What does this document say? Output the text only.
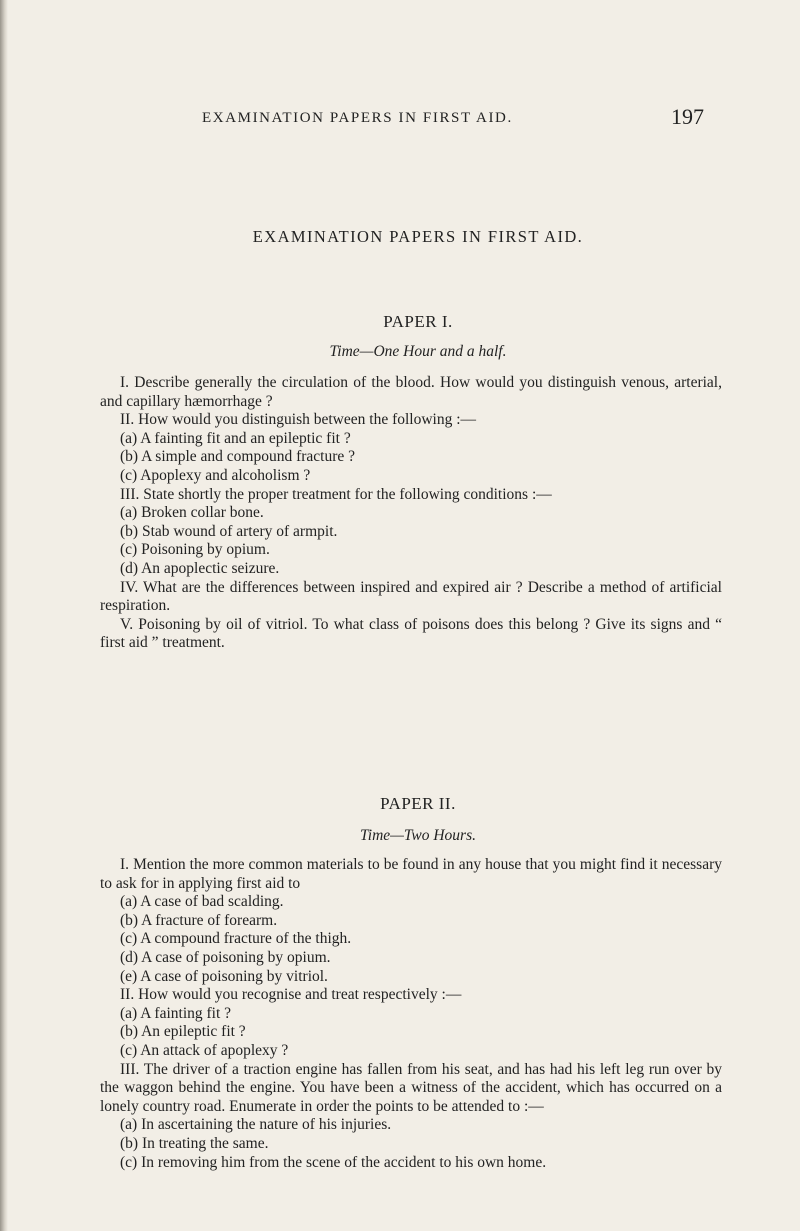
EXAMINATION PAPERS IN FIRST AID.	197
EXAMINATION PAPERS IN FIRST AID.
PAPER I.
Time—One Hour and a half.

I. Describe generally the circulation of the blood. How would you distinguish venous, arterial, and capillary hæmorrhage ?

II. How would you distinguish between the following :—

(a) A fainting fit and an epileptic fit ?

(b) A simple and compound fracture ?

(c) Apoplexy and alcoholism ?

III. State shortly the proper treatment for the following conditions :—

(a) Broken collar bone.

(b) Stab wound of artery of armpit.

(c) Poisoning by opium.

(d) An apoplectic seizure.

IV. What are the differences between inspired and expired air ? Describe a method of artificial respiration.

V. Poisoning by oil of vitriol. To what class of poisons does this belong ? Give its signs and “ first aid ” treatment.

PAPER II.
Time—Two Hours.

I. Mention the more common materials to be found in any house that you might find it necessary to ask for in applying first aid to

(a) A case of bad scalding.

(b) A fracture of forearm.

(c) A compound fracture of the thigh.

(d) A case of poisoning by opium.

(e) A case of poisoning by vitriol.

II. How would you recognise and treat respectively :—

(a) A fainting fit ?

(b) An epileptic fit ?

(c) An attack of apoplexy ?

III. The driver of a traction engine has fallen from his seat, and has had his left leg run over by the waggon behind the engine. You have been a witness of the accident, which has occurred on a lonely country road. Enumerate in order the points to be attended to :—

(a) In ascertaining the nature of his injuries.

(b) In treating the same.

(c) In removing him from the scene of the accident to his own home.
